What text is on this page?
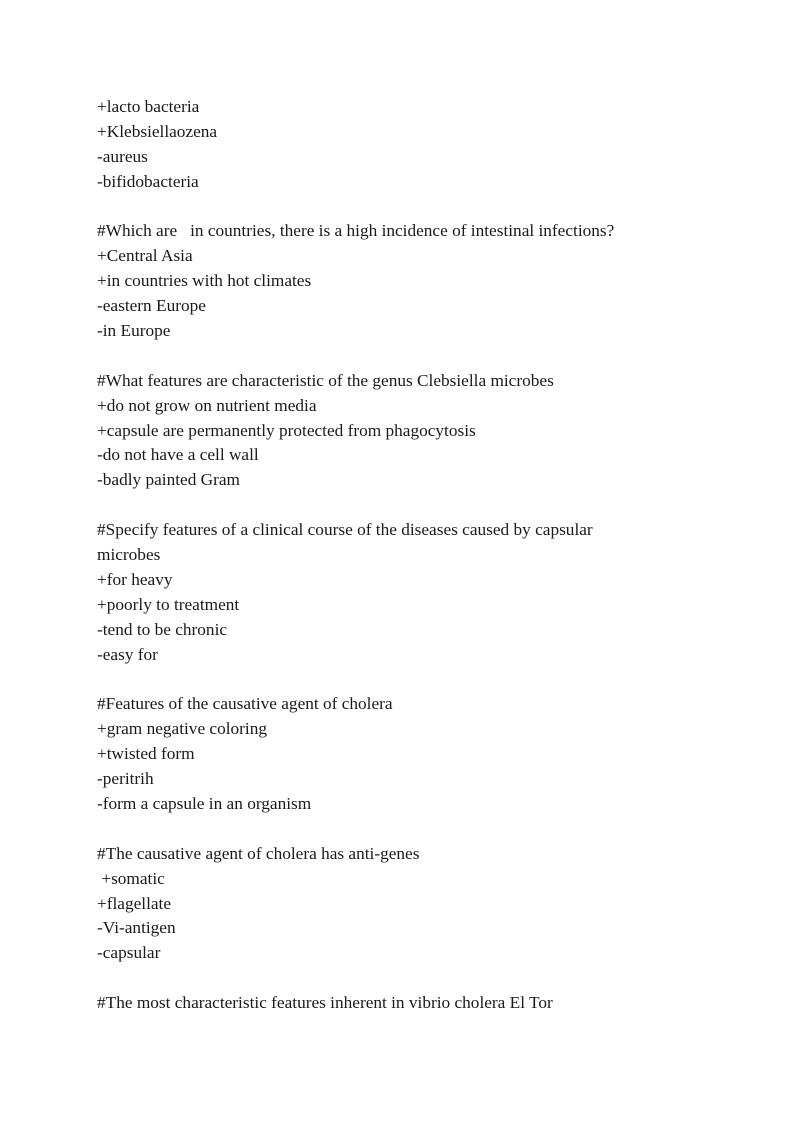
+lacto bacteria
+Klebsiellaozena
-aureus
-bifidobacteria
#Which are   in countries, there is a high incidence of intestinal infections?
+Central Asia
+in countries with hot climates
-eastern Europe
-in Europe
#What features are characteristic of the genus Clebsiella microbes
+do not grow on nutrient media
+capsule are permanently protected from phagocytosis
-do not have a cell wall
-badly painted Gram
#Specify features of a clinical course of the diseases caused by capsular
microbes
+for heavy
+poorly to treatment
-tend to be chronic
-easy for
#Features of the causative agent of cholera
+gram negative coloring
+twisted form
-peritrih
-form a capsule in an organism
#The causative agent of cholera has anti-genes
+somatic
+flagellate
-Vi-antigen
-capsular
#The most characteristic features inherent in vibrio cholera El Tor
